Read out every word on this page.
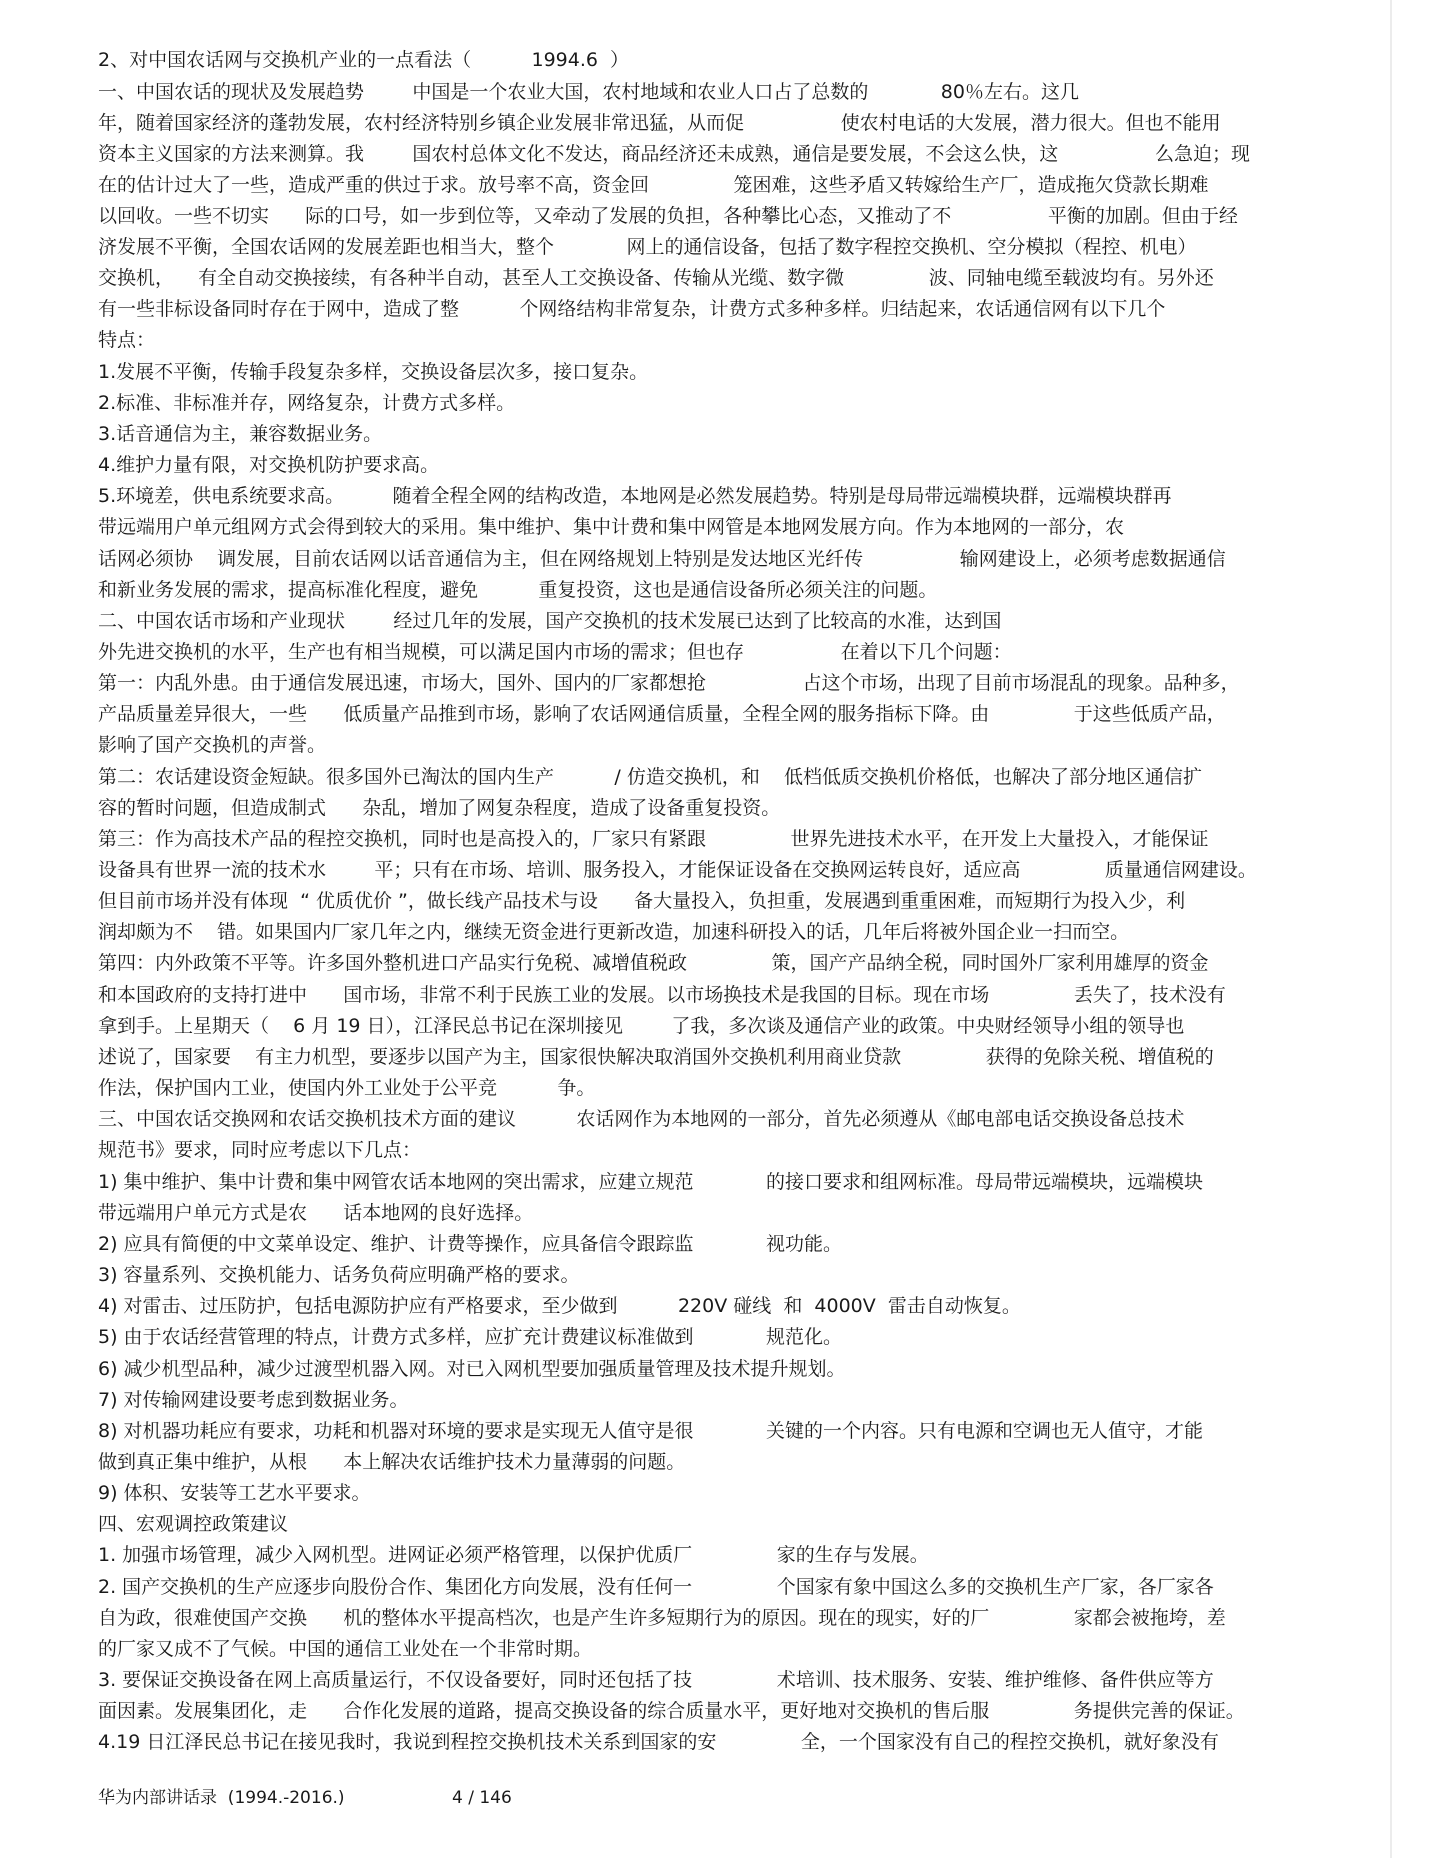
2、对中国农话网与交换机产业的一点看法（          1994.6  ）
一、中国农话的现状及发展趋势        中国是一个农业大国，农村地域和农业人口占了总数的            80％左右。这几
年，随着国家经济的蓬勃发展，农村经济特别乡镇企业发展非常迅猛，从而促                使农村电话的大发展，潜力很大。但也不能用
资本主义国家的方法来测算。我        国农村总体文化不发达，商品经济还未成熟，通信是要发展，不会这么快，这                么急迫；现
在的估计过大了一些，造成严重的供过于求。放号率不高，资金回              笼困难，这些矛盾又转嫁给生产厂，造成拖欠贷款长期难
以回收。一些不切实      际的口号，如一步到位等，又牵动了发展的负担，各种攀比心态，又推动了不                平衡的加剧。但由于经
济发展不平衡，全国农话网的发展差距也相当大，整个            网上的通信设备，包括了数字程控交换机、空分模拟（程控、机电）
交换机，    有全自动交换接续，有各种半自动，甚至人工交换设备、传输从光缆、数字微              波、同轴电缆至载波均有。另外还
有一些非标设备同时存在于网中，造成了整          个网络结构非常复杂，计费方式多种多样。归结起来，农话通信网有以下几个
特点：
1.发展不平衡，传输手段复杂多样，交换设备层次多，接口复杂。
2.标准、非标准并存，网络复杂，计费方式多样。
3.话音通信为主，兼容数据业务。
4.维护力量有限，对交换机防护要求高。
5.环境差，供电系统要求高。        随着全程全网的结构改造，本地网是必然发展趋势。特别是母局带远端模块群，远端模块群再
带远端用户单元组网方式会得到较大的采用。集中维护、集中计费和集中网管是本地网发展方向。作为本地网的一部分，农
话网必须协    调发展，目前农话网以话音通信为主，但在网络规划上特别是发达地区光纤传                输网建设上，必须考虑数据通信
和新业务发展的需求，提高标准化程度，避免          重复投资，这也是通信设备所必须关注的问题。
二、中国农话市场和产业现状        经过几年的发展，国产交换机的技术发展已达到了比较高的水准，达到国
外先进交换机的水平，生产也有相当规模，可以满足国内市场的需求；但也存                在着以下几个问题：
第一：内乱外患。由于通信发展迅速，市场大，国外、国内的厂家都想抢                占这个市场，出现了目前市场混乱的现象。品种多，
产品质量差异很大，一些      低质量产品推到市场，影响了农话网通信质量，全程全网的服务指标下降。由              于这些低质产品，
影响了国产交换机的声誉。
第二：农话建设资金短缺。很多国外已淘汰的国内生产          / 仿造交换机，和    低档低质交换机价格低，也解决了部分地区通信扩
容的暂时问题，但造成制式      杂乱，增加了网复杂程度，造成了设备重复投资。
第三：作为高技术产品的程控交换机，同时也是高投入的，厂家只有紧跟              世界先进技术水平，在开发上大量投入，才能保证
设备具有世界一流的技术水        平；只有在市场、培训、服务投入，才能保证设备在交换网运转良好，适应高              质量通信网建设。
但目前市场并没有体现  “ 优质优价 ”，做长线产品技术与设      备大量投入，负担重，发展遇到重重困难，而短期行为投入少，利
润却颇为不    错。如果国内厂家几年之内，继续无资金进行更新改造，加速科研投入的话，几年后将被外国企业一扫而空。
第四：内外政策不平等。许多国外整机进口产品实行免税、减增值税政              策，国产产品纳全税，同时国外厂家利用雄厚的资金
和本国政府的支持打进中      国市场，非常不利于民族工业的发展。以市场换技术是我国的目标。现在市场              丢失了，技术没有
拿到手。上星期天（    6 月 19 日），江泽民总书记在深圳接见        了我，多次谈及通信产业的政策。中央财经领导小组的领导也
述说了，国家要    有主力机型，要逐步以国产为主，国家很快解决取消国外交换机利用商业贷款              获得的免除关税、增值税的
作法，保护国内工业，使国内外工业处于公平竞          争。
三、中国农话交换网和农话交换机技术方面的建议          农话网作为本地网的一部分，首先必须遵从《邮电部电话交换设备总技术
规范书》要求，同时应考虑以下几点：
1) 集中维护、集中计费和集中网管农话本地网的突出需求，应建立规范            的接口要求和组网标准。母局带远端模块，远端模块
带远端用户单元方式是农      话本地网的良好选择。
2) 应具有简便的中文菜单设定、维护、计费等操作，应具备信令跟踪监            视功能。
3) 容量系列、交换机能力、话务负荷应明确严格的要求。
4) 对雷击、过压防护，包括电源防护应有严格要求，至少做到          220V 碰线  和  4000V  雷击自动恢复。
5) 由于农话经营管理的特点，计费方式多样，应扩充计费建议标准做到            规范化。
6) 减少机型品种，减少过渡型机器入网。对已入网机型要加强质量管理及技术提升规划。
7) 对传输网建设要考虑到数据业务。
8) 对机器功耗应有要求，功耗和机器对环境的要求是实现无人值守是很            关键的一个内容。只有电源和空调也无人值守，才能
做到真正集中维护，从根      本上解决农话维护技术力量薄弱的问题。
9) 体积、安装等工艺水平要求。
四、宏观调控政策建议
1. 加强市场管理，减少入网机型。进网证必须严格管理，以保护优质厂              家的生存与发展。
2. 国产交换机的生产应逐步向股份合作、集团化方向发展，没有任何一              个国家有象中国这么多的交换机生产厂家，各厂家各
自为政，很难使国产交换      机的整体水平提高档次，也是产生许多短期行为的原因。现在的现实，好的厂              家都会被拖垮，差
的厂家又成不了气候。中国的通信工业处在一个非常时期。
3. 要保证交换设备在网上高质量运行，不仅设备要好，同时还包括了技              术培训、技术服务、安装、维护维修、备件供应等方
面因素。发展集团化，走      合作化发展的道路，提高交换设备的综合质量水平，更好地对交换机的售后服              务提供完善的保证。
4.19 日江泽民总书记在接见我时，我说到程控交换机技术关系到国家的安              全，一个国家没有自己的程控交换机，就好象没有
华为内部讲话录  (1994.-2016.)	4 / 146
